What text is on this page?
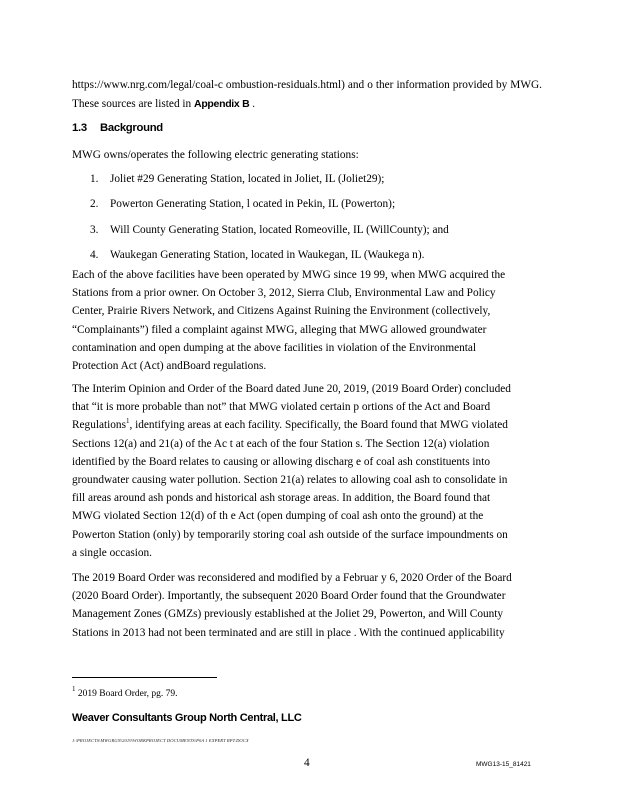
https://www.nrg.com/legal/coal-c ombustion-residuals.html) and o ther information provided by MWG. These sources are listed in Appendix B .

1.3 Background

MWG owns/operates the following electric generating stations:

1.	Joliet #29 Generating Station, located in Joliet, IL (Joliet29);
2.	Powerton Generating Station, l ocated in Pekin, IL (Powerton);
3.	Will County Generating Station, located Romeoville, IL (WillCounty); and
4.	Waukegan Generating Station, located in Waukegan, IL (Waukega n).
Each of the above facilities have been operated by MWG since 19 99, when MWG acquired the
Stations from a prior owner. On October 3, 2012, Sierra Club, Environmental Law and Policy
Center, Prairie Rivers Network, and Citizens Against Ruining the Environment (collectively,
“Complainants”) filed a complaint against MWG, alleging that MWG allowed groundwater
contamination and open dumping at the above facilities in violation of the Environmental
Protection Act (Act) andBoard regulations.
The Interim Opinion and Order of the Board dated June 20, 2019, (2019 Board Order) concluded
that “it is more probable than not” that MWG violated certain p ortions of the Act and Board
Regulations$^1$, identifying areas at each facility. Specifically, the Board found that MWG violated
Sections 12(a) and 21(a) of the Ac t at each of the four Station s. The Section 12(a) violation
identified by the Board relates to causing or allowing discharg e of coal ash constituents into
groundwater causing water pollution. Section 21(a) relates to allowing coal ash to consolidate in
fill areas around ash ponds and historical ash storage areas. In addition, the Board found that
MWG violated Section 12(d) of th e Act (open dumping of coal ash onto the ground) at the
Powerton Station (only) by temporarily storing coal ash outside of the surface impoundments on
a single occasion.
The 2019 Board Order was reconsidered and modified by a Februar y 6, 2020 Order of the Board
(2020 Board Order). Importantly, the subsequent 2020 Board Order found that the Groundwater
Management Zones (GMZs) previously established at the Joliet 29, Powerton, and Will County
Stations in 2013 had not been terminated and are still in place . With the continued applicability

$^1$ 2019 Board Order, pg. 79.

Weaver Consultants Group North Central, LLC

J:\PROJECTS\MWGRGN\2019\WORKPROJECT DOCUMENTS\P0A 1 EXPERT RPT.DOCX

4	MWG13-15_81421
